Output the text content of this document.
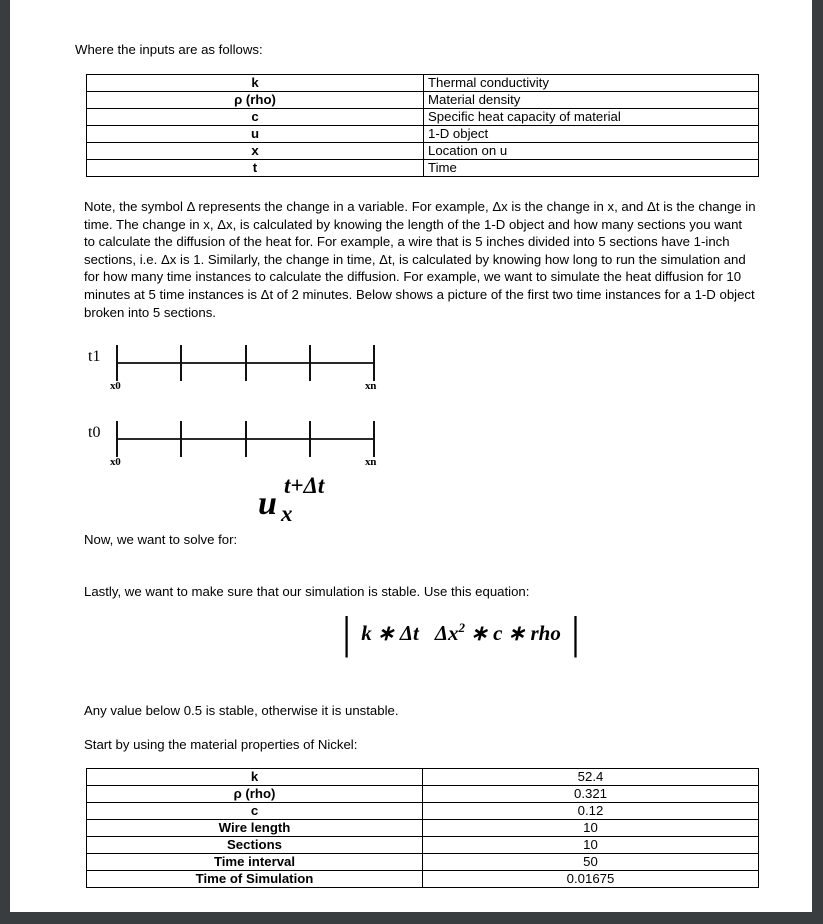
Where the inputs are as follows:
k	Thermal conductivity
ρ (rho)	Material density
c	Specific heat capacity of material
u	1-D object
x	Location on u
t	Time

Note, the symbol Δ represents the change in a variable. For example, Δx is the change in x, and Δt is the change in time. The change in x, Δx, is calculated by knowing the length of the 1-D object and how many sections you want to calculate the diffusion of the heat for. For example, a wire that is 5 inches divided into 5 sections have 1-inch sections, i.e. Δx is 1. Similarly, the change in time, Δt, is calculated by knowing how long to run the simulation and for how many time instances to calculate the diffusion. For example, we want to simulate the heat diffusion for 10 minutes at 5 time instances is Δt of 2 minutes. Below shows a picture of the first two time instances for a 1-D object broken into 5 sections.

t1
x0	xn
t0
x0	xn

Now, we want to solve for:

u t+Δt
x

Lastly, we want to make sure that our simulation is stable. Use this equation:

| k ∗ Δt $\Delta x^2$ ∗ c ∗ rho |

Any value below 0.5 is stable, otherwise it is unstable.

Start by using the material properties of Nickel:

k	52.4
ρ (rho)	0.321
c	0.12
Wire length	10
Sections	10
Time interval	50
Time of Simulation	0.01675
